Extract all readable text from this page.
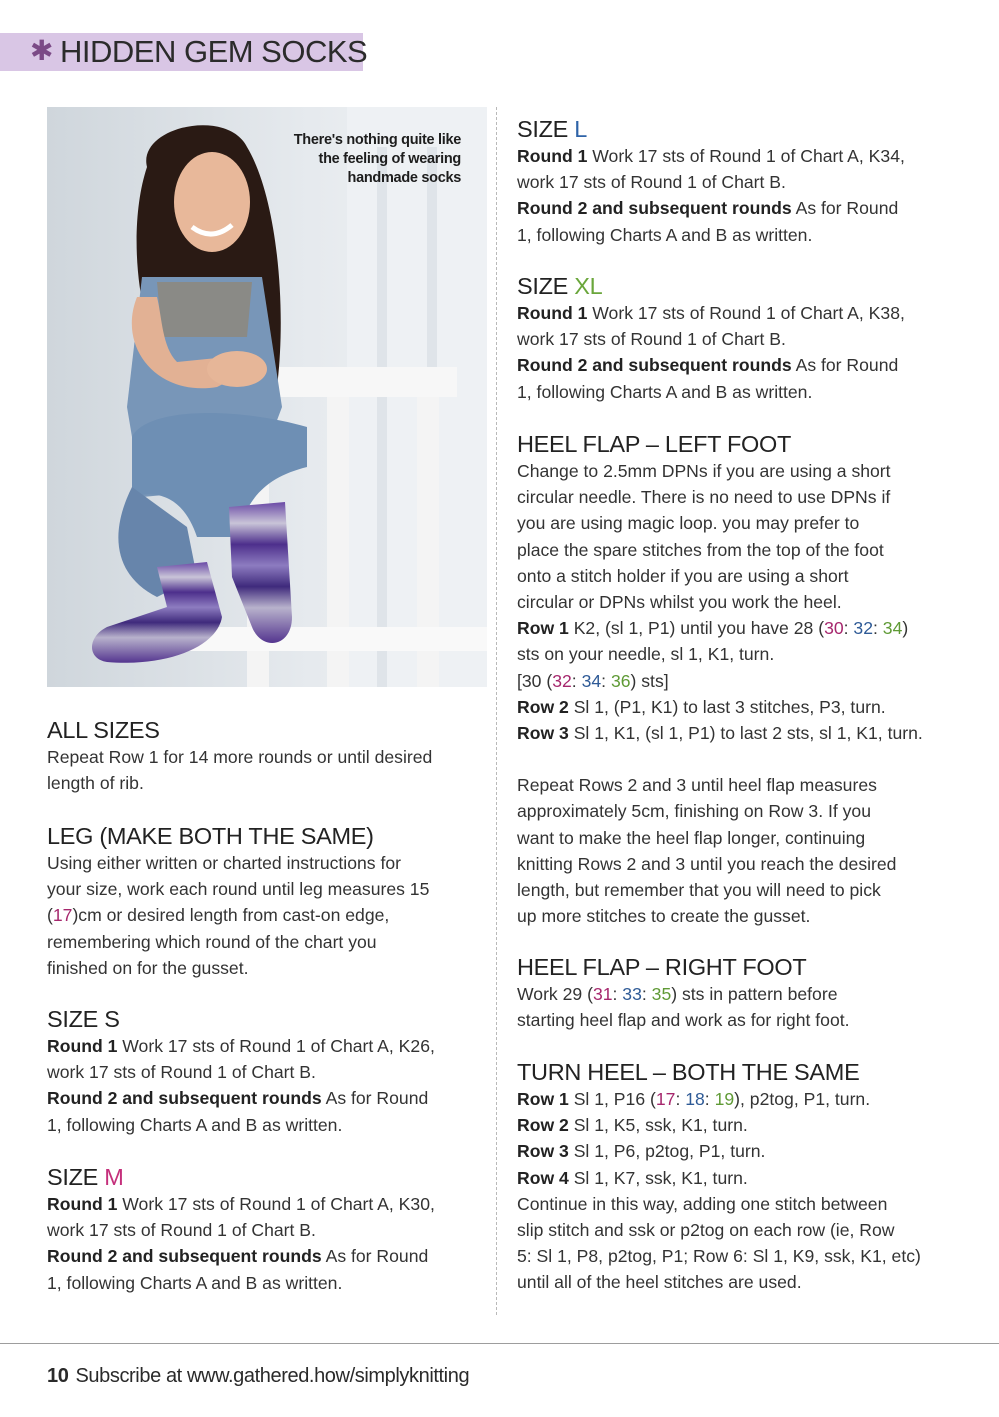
✱ HIDDEN GEM SOCKS
There's nothing quite like
the feeling of wearing
handmade socks
ALL SIZES
Repeat Row 1 for 14 more rounds or until desired
length of rib.
LEG (MAKE BOTH THE SAME)
Using either written or charted instructions for
your size, work each round until leg measures 15
(17)cm or desired length from cast-on edge,
remembering which round of the chart you
finished on for the gusset.
SIZE S
Round 1 Work 17 sts of Round 1 of Chart A, K26,
work 17 sts of Round 1 of Chart B.
Round 2 and subsequent rounds As for Round
1, following Charts A and B as written.
SIZE M
Round 1 Work 17 sts of Round 1 of Chart A, K30,
work 17 sts of Round 1 of Chart B.
Round 2 and subsequent rounds As for Round
1, following Charts A and B as written.
SIZE L
Round 1 Work 17 sts of Round 1 of Chart A, K34,
work 17 sts of Round 1 of Chart B.
Round 2 and subsequent rounds As for Round
1, following Charts A and B as written.
SIZE XL
Round 1 Work 17 sts of Round 1 of Chart A, K38,
work 17 sts of Round 1 of Chart B.
Round 2 and subsequent rounds As for Round
1, following Charts A and B as written.
HEEL FLAP – LEFT FOOT
Change to 2.5mm DPNs if you are using a short
circular needle. There is no need to use DPNs if
you are using magic loop. you may prefer to
place the spare stitches from the top of the foot
onto a stitch holder if you are using a short
circular or DPNs whilst you work the heel.
Row 1 K2, (sl 1, P1) until you have 28 (30: 32: 34)
sts on your needle, sl 1, K1, turn.
[30 (32: 34: 36) sts]
Row 2 Sl 1, (P1, K1) to last 3 stitches, P3, turn.
Row 3 Sl 1, K1, (sl 1, P1) to last 2 sts, sl 1, K1, turn.
Repeat Rows 2 and 3 until heel flap measures
approximately 5cm, finishing on Row 3. If you
want to make the heel flap longer, continuing
knitting Rows 2 and 3 until you reach the desired
length, but remember that you will need to pick
up more stitches to create the gusset.
HEEL FLAP – RIGHT FOOT
Work 29 (31: 33: 35) sts in pattern before
starting heel flap and work as for right foot.
TURN HEEL – BOTH THE SAME
Row 1 Sl 1, P16 (17: 18: 19), p2tog, P1, turn.
Row 2 Sl 1, K5, ssk, K1, turn.
Row 3 Sl 1, P6, p2tog, P1, turn.
Row 4 Sl 1, K7, ssk, K1, turn.
Continue in this way, adding one stitch between
slip stitch and ssk or p2tog on each row (ie, Row
5: Sl 1, P8, p2tog, P1; Row 6: Sl 1, K9, ssk, K1, etc)
until all of the heel stitches are used.
10 Subscribe at www.gathered.how/simplyknitting
